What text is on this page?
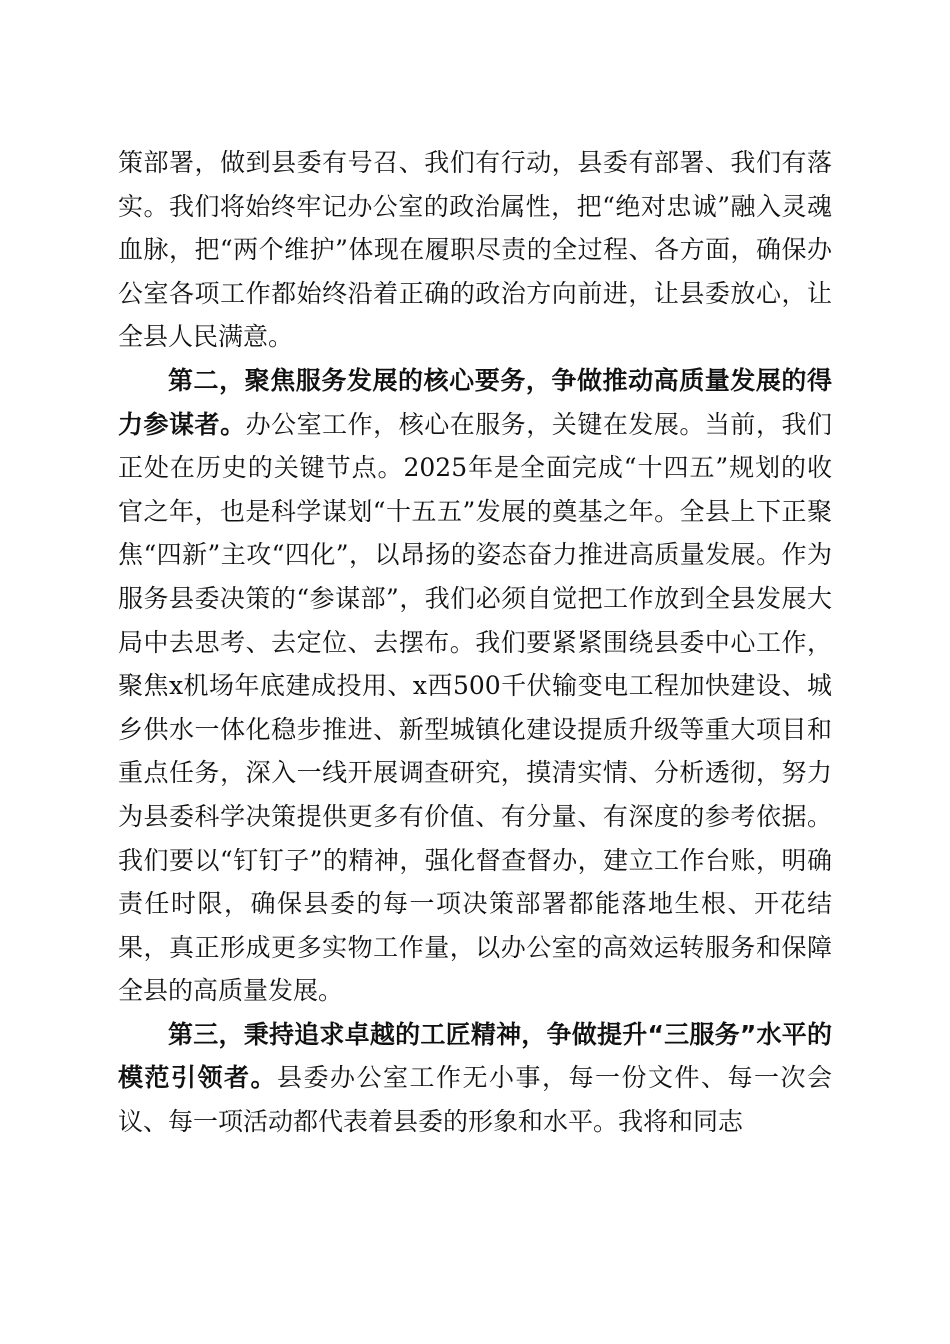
策部署，做到县委有号召、我们有行动，县委有部署、我们有落实。我们将始终牢记办公室的政治属性，把“绝对忠诚”融入灵魂血脉，把“两个维护”体现在履职尽责的全过程、各方面，确保办公室各项工作都始终沿着正确的政治方向前进，让县委放心，让全县人民满意。

第二，聚焦服务发展的核心要务，争做推动高质量发展的得力参谋者。办公室工作，核心在服务，关键在发展。当前，我们正处在历史的关键节点。2025年是全面完成“十四五”规划的收官之年，也是科学谋划“十五五”发展的奠基之年。全县上下正聚焦“四新”主攻“四化”，以昂扬的姿态奋力推进高质量发展。作为服务县委决策的“参谋部”，我们必须自觉把工作放到全县发展大局中去思考、去定位、去摆布。我们要紧紧围绕县委中心工作，聚焦x机场年底建成投用、x西500千伏输变电工程加快建设、城乡供水一体化稳步推进、新型城镇化建设提质升级等重大项目和重点任务，深入一线开展调查研究，摸清实情、分析透彻，努力为县委科学决策提供更多有价值、有分量、有深度的参考依据。我们要以“钉钉子”的精神，强化督查督办，建立工作台账，明确责任时限，确保县委的每一项决策部署都能落地生根、开花结果，真正形成更多实物工作量，以办公室的高效运转服务和保障全县的高质量发展。

第三，秉持追求卓越的工匠精神，争做提升“三服务”水平的模范引领者。县委办公室工作无小事，每一份文件、每一次会议、每一项活动都代表着县委的形象和水平。我将和同志
